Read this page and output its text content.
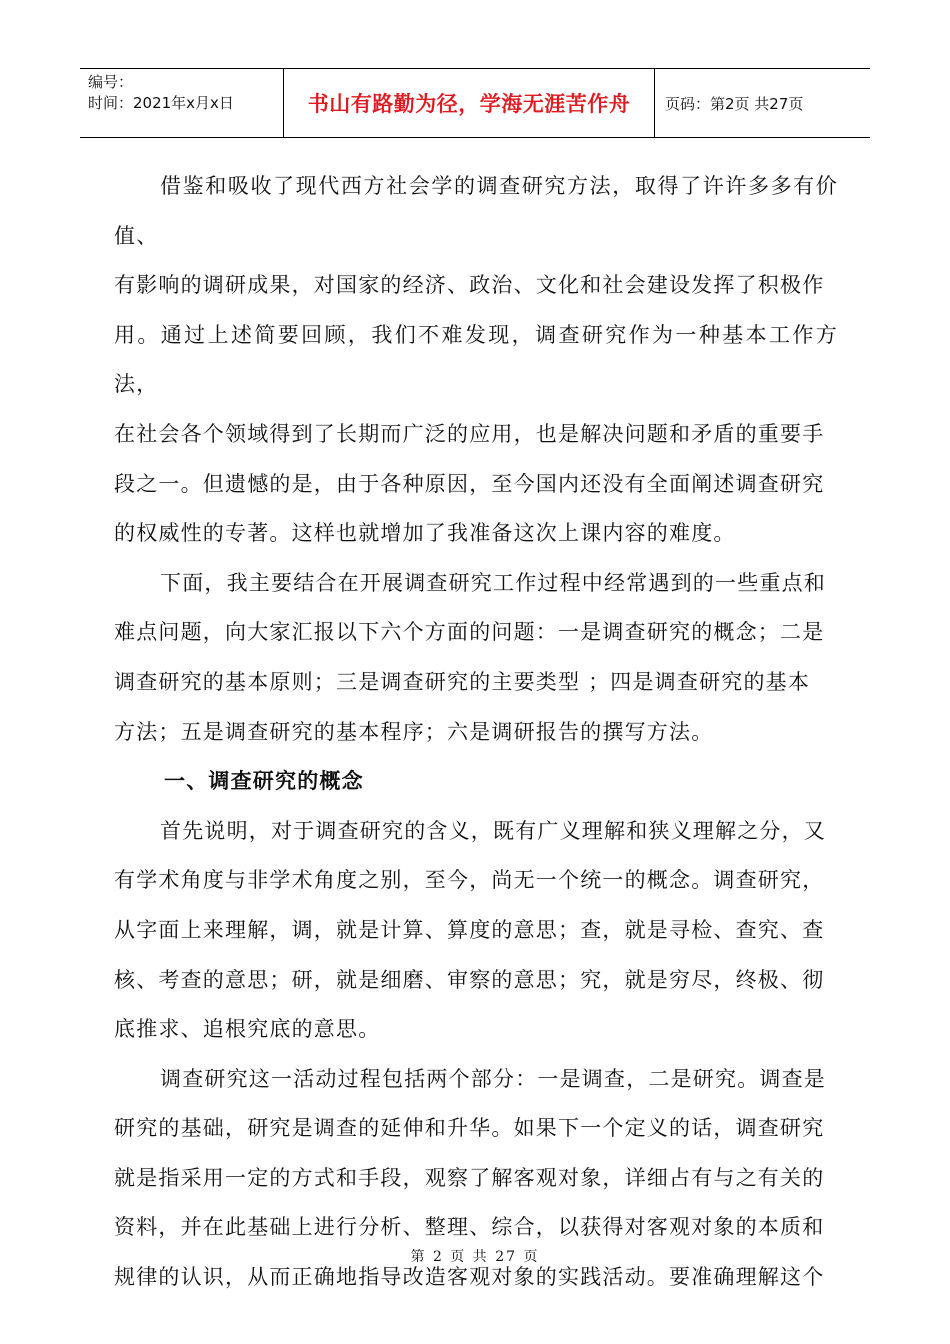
编号：
时间：2021年x月x日	书山有路勤为径，学海无涯苦作舟	页码：第2页 共27页

借鉴和吸收了现代西方社会学的调查研究方法，取得了许许多多有价值、
有影响的调研成果，对国家的经济、政治、文化和社会建设发挥了积极作
用。通过上述简要回顾，我们不难发现，调查研究作为一种基本工作方法，
在社会各个领域得到了长期而广泛的应用，也是解决问题和矛盾的重要手
段之一。但遗憾的是，由于各种原因，至今国内还没有全面阐述调查研究
的权威性的专著。这样也就增加了我准备这次上课内容的难度。

下面，我主要结合在开展调查研究工作过程中经常遇到的一些重点和
难点问题，向大家汇报以下六个方面的问题：一是调查研究的概念；二是
调查研究的基本原则；三是调查研究的主要类型 ；四是调查研究的基本
方法；五是调查研究的基本程序；六是调研报告的撰写方法。

一、调查研究的概念

首先说明，对于调查研究的含义，既有广义理解和狭义理解之分，又
有学术角度与非学术角度之别，至今，尚无一个统一的概念。调查研究，
从字面上来理解，调，就是计算、算度的意思；查，就是寻检、查究、查
核、考查的意思；研，就是细磨、审察的意思；究，就是穷尽，终极、彻
底推求、追根究底的意思。

调查研究这一活动过程包括两个部分：一是调查，二是研究。调查是
研究的基础，研究是调查的延伸和升华。如果下一个定义的话，调查研究
就是指采用一定的方式和手段，观察了解客观对象，详细占有与之有关的
资料，并在此基础上进行分析、整理、综合，以获得对客观对象的本质和
规律的认识，从而正确地指导改造客观对象的实践活动。要准确理解这个

第 2 页 共 27 页
